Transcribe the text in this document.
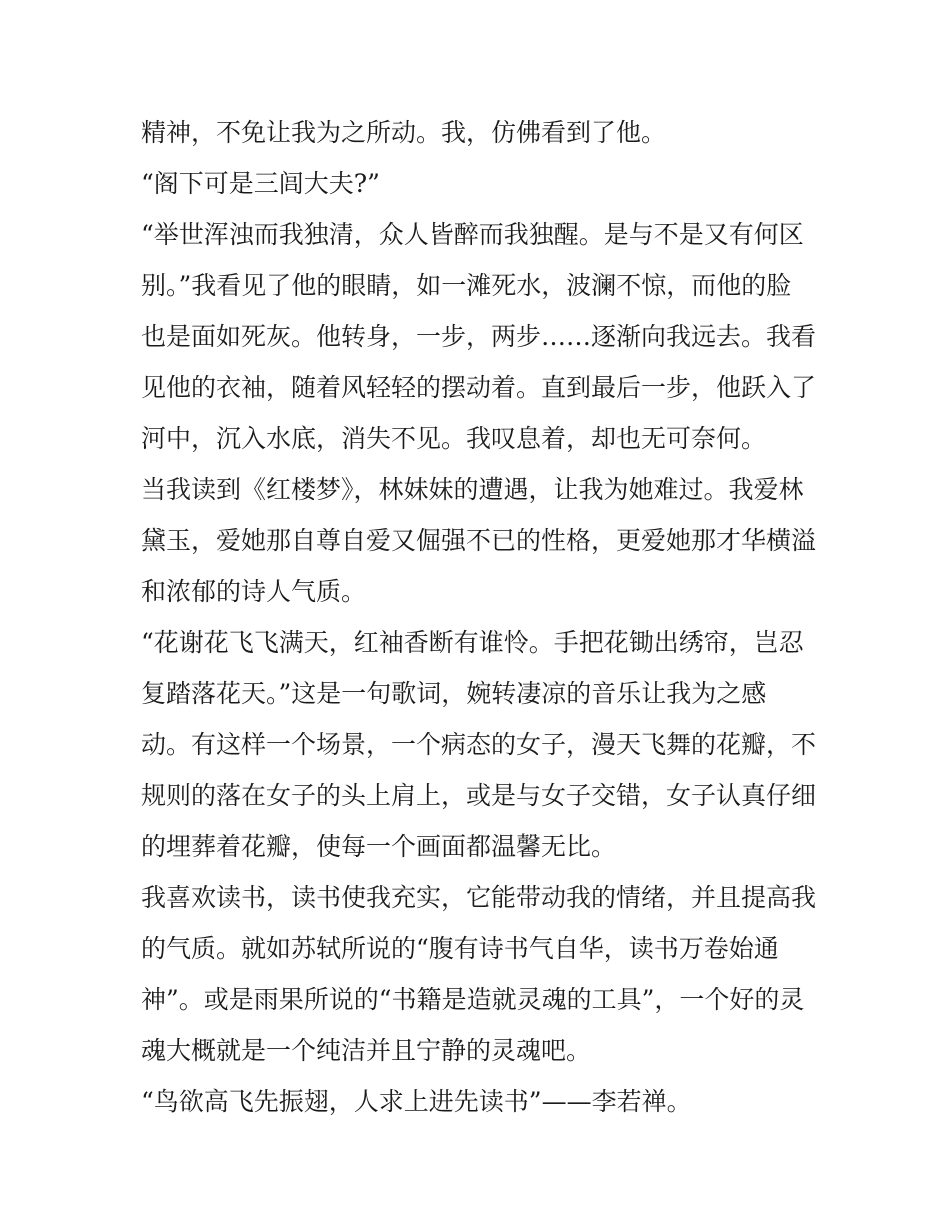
精神，不免让我为之所动。我，仿佛看到了他。
“阁下可是三闾大夫?”
“举世浑浊而我独清，众人皆醉而我独醒。是与不是又有何区
别。”我看见了他的眼睛，如一滩死水，波澜不惊，而他的脸
也是面如死灰。他转身，一步，两步……逐渐向我远去。我看
见他的衣袖，随着风轻轻的摆动着。直到最后一步，他跃入了
河中，沉入水底，消失不见。我叹息着，却也无可奈何。
当我读到《红楼梦》，林妹妹的遭遇，让我为她难过。我爱林
黛玉，爱她那自尊自爱又倔强不已的性格，更爱她那才华横溢
和浓郁的诗人气质。
“花谢花飞飞满天，红袖香断有谁怜。手把花锄出绣帘，岂忍
复踏落花天。”这是一句歌词，婉转凄凉的音乐让我为之感
动。有这样一个场景，一个病态的女子，漫天飞舞的花瓣，不
规则的落在女子的头上肩上，或是与女子交错，女子认真仔细
的埋葬着花瓣，使每一个画面都温馨无比。
我喜欢读书，读书使我充实，它能带动我的情绪，并且提高我
的气质。就如苏轼所说的“腹有诗书气自华，读书万卷始通
神”。或是雨果所说的“书籍是造就灵魂的工具”，一个好的灵
魂大概就是一个纯洁并且宁静的灵魂吧。
“鸟欲高飞先振翅，人求上进先读书”——李若禅。
